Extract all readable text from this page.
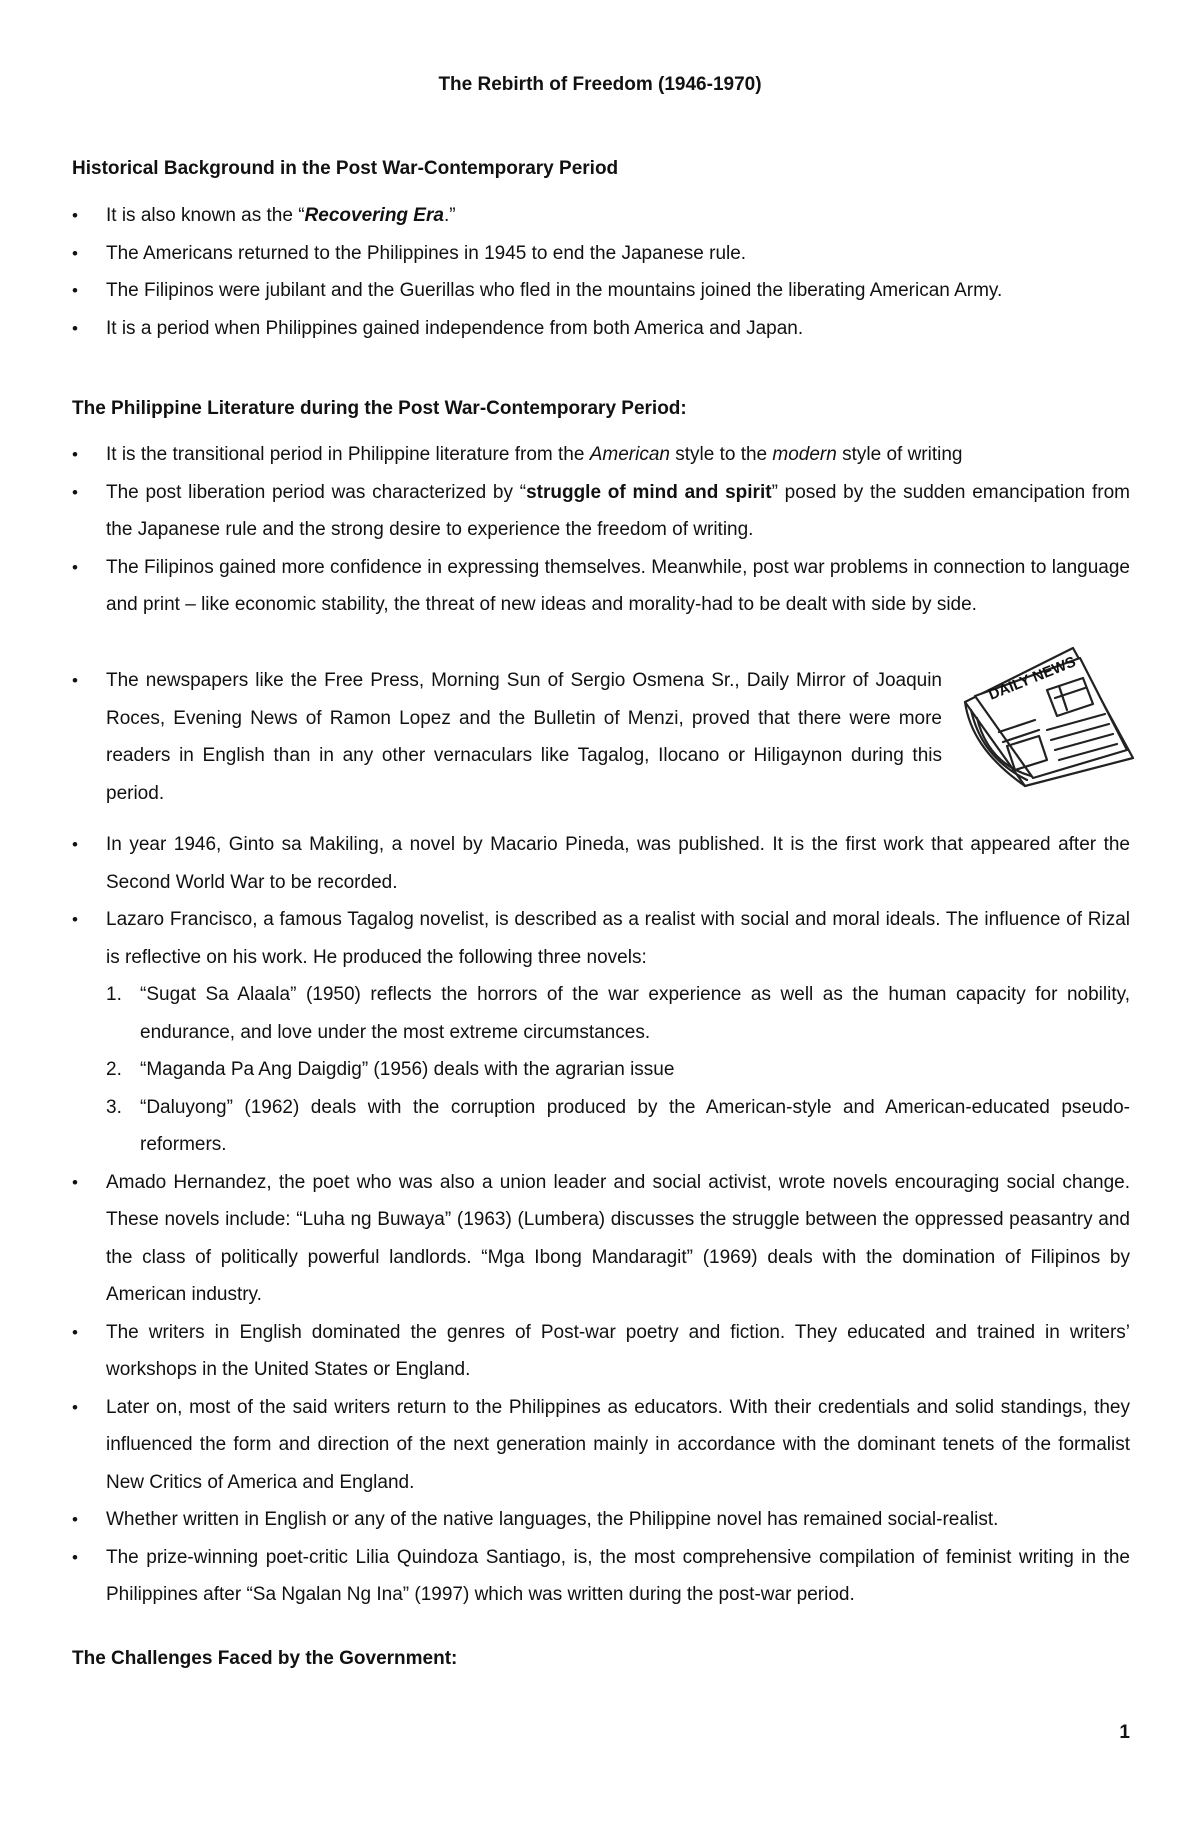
The Rebirth of Freedom (1946-1970)
Historical Background in the Post War-Contemporary Period
• It is also known as the “Recovering Era.”
• The Americans returned to the Philippines in 1945 to end the Japanese rule.
• The Filipinos were jubilant and the Guerillas who fled in the mountains joined the liberating American Army.
• It is a period when Philippines gained independence from both America and Japan.
The Philippine Literature during the Post War-Contemporary Period:
• It is the transitional period in Philippine literature from the American style to the modern style of writing
• The post liberation period was characterized by “struggle of mind and spirit” posed by the sudden emancipation from the Japanese rule and the strong desire to experience the freedom of writing.
• The Filipinos gained more confidence in expressing themselves. Meanwhile, post war problems in connection to language and print – like economic stability, the threat of new ideas and morality-had to be dealt with side by side.
• The newspapers like the Free Press, Morning Sun of Sergio Osmena Sr., Daily Mirror of Joaquin Roces, Evening News of Ramon Lopez and the Bulletin of Menzi, proved that there were more readers in English than in any other vernaculars like Tagalog, Ilocano or Hiligaynon during this period.
DAILY NEWS
• In year 1946, Ginto sa Makiling, a novel by Macario Pineda, was published. It is the first work that appeared after the Second World War to be recorded.
• Lazaro Francisco, a famous Tagalog novelist, is described as a realist with social and moral ideals. The influence of Rizal is reflective on his work. He produced the following three novels:
1. “Sugat Sa Alaala” (1950) reflects the horrors of the war experience as well as the human capacity for nobility, endurance, and love under the most extreme circumstances.
2. “Maganda Pa Ang Daigdig” (1956) deals with the agrarian issue
3. “Daluyong” (1962) deals with the corruption produced by the American-style and American-educated pseudo-reformers.
• Amado Hernandez, the poet who was also a union leader and social activist, wrote novels encouraging social change. These novels include: “Luha ng Buwaya” (1963) (Lumbera) discusses the struggle between the oppressed peasantry and the class of politically powerful landlords. “Mga Ibong Mandaragit” (1969) deals with the domination of Filipinos by American industry.
• The writers in English dominated the genres of Post-war poetry and fiction. They educated and trained in writers’ workshops in the United States or England.
• Later on, most of the said writers return to the Philippines as educators. With their credentials and solid standings, they influenced the form and direction of the next generation mainly in accordance with the dominant tenets of the formalist New Critics of America and England.
• Whether written in English or any of the native languages, the Philippine novel has remained social-realist.
• The prize-winning poet-critic Lilia Quindoza Santiago, is, the most comprehensive compilation of feminist writing in the Philippines after “Sa Ngalan Ng Ina” (1997) which was written during the post-war period.
The Challenges Faced by the Government:
1
